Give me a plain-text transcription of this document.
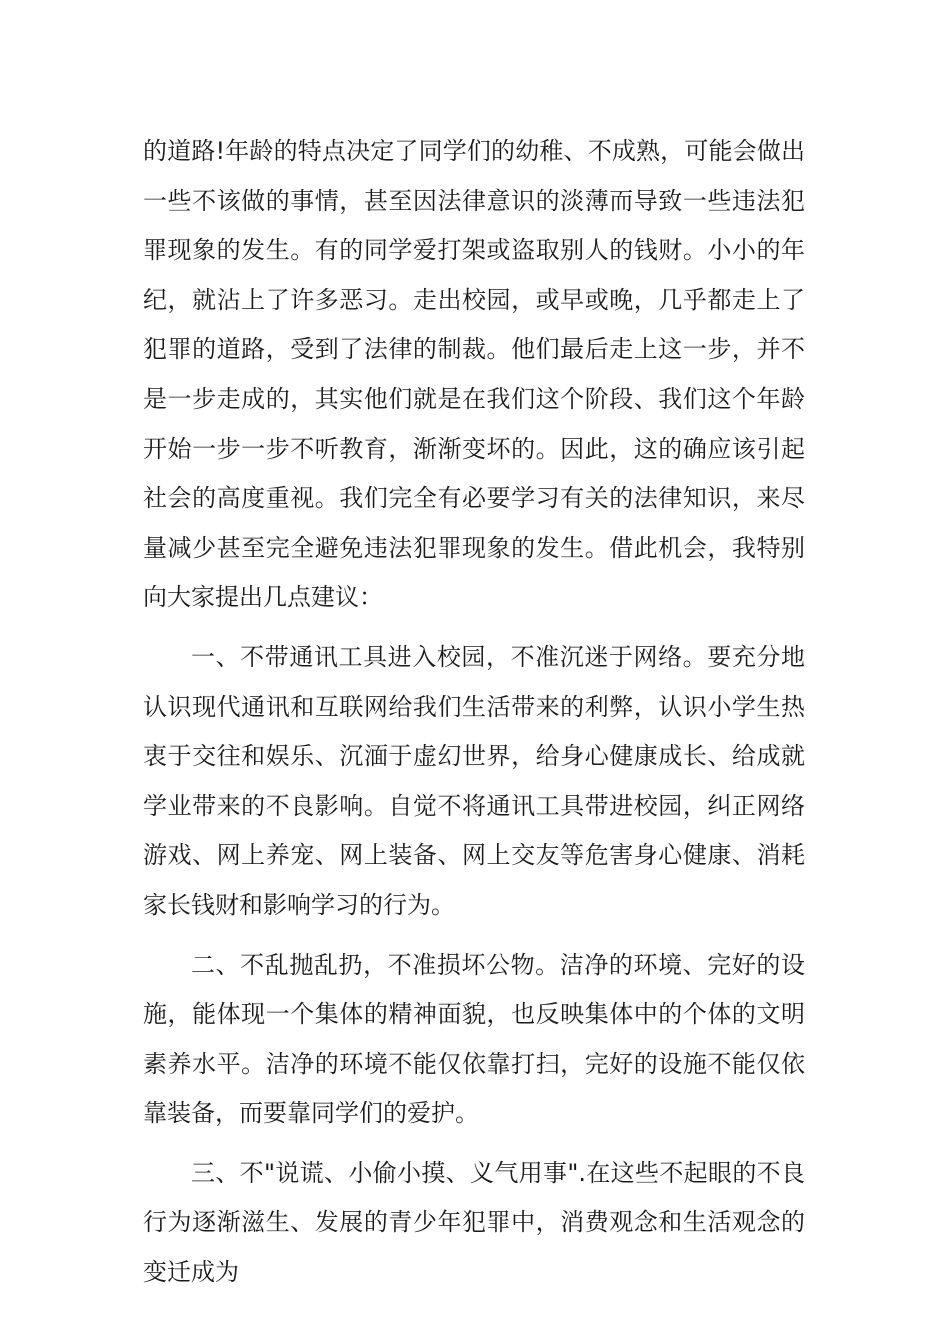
的道路!年龄的特点决定了同学们的幼稚、不成熟，可能会做出一些不该做的事情，甚至因法律意识的淡薄而导致一些违法犯罪现象的发生。有的同学爱打架或盗取别人的钱财。小小的年纪，就沾上了许多恶习。走出校园，或早或晚，几乎都走上了犯罪的道路，受到了法律的制裁。他们最后走上这一步，并不是一步走成的，其实他们就是在我们这个阶段、我们这个年龄开始一步一步不听教育，渐渐变坏的。因此，这的确应该引起社会的高度重视。我们完全有必要学习有关的法律知识，来尽量减少甚至完全避免违法犯罪现象的发生。借此机会，我特别向大家提出几点建议：

一、不带通讯工具进入校园，不准沉迷于网络。要充分地认识现代通讯和互联网给我们生活带来的利弊，认识小学生热衷于交往和娱乐、沉湎于虚幻世界，给身心健康成长、给成就学业带来的不良影响。自觉不将通讯工具带进校园，纠正网络游戏、网上养宠、网上装备、网上交友等危害身心健康、消耗家长钱财和影响学习的行为。

二、不乱抛乱扔，不准损坏公物。洁净的环境、完好的设施，能体现一个集体的精神面貌，也反映集体中的个体的文明素养水平。洁净的环境不能仅依靠打扫，完好的设施不能仅依靠装备，而要靠同学们的爱护。

三、不"说谎、小偷小摸、义气用事".在这些不起眼的不良行为逐渐滋生、发展的青少年犯罪中，消费观念和生活观念的变迁成为
